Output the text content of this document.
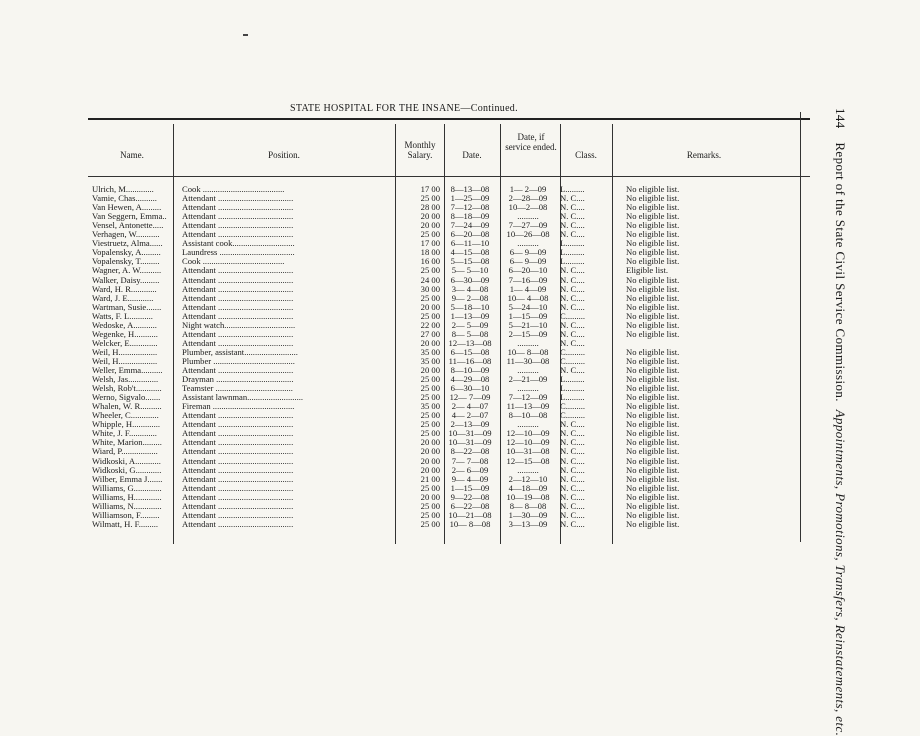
STATE HOSPITAL FOR THE INSANE—Continued.
Name.	Position.
Monthly Salary.	Date.
Date, if service ended.
Class.	Remarks.
Ulrich, M.............	Cook ......................................	17 00	8—13—08	1— 2—09	L.........	No eligible list.
Vamie, Chas..........	Attendant ...................................	25 00	1—25—09	2—28—09	N. C....	No eligible list.
Van Hewen, A.........	Attendant ...................................	28 00	7—12—08	10—2—08	N. C....	No eligible list.
Van Seggern, Emma..	Attendant ...................................	20 00	8—18—09	..........	N. C....	No eligible list.
Vensel, Antonette.....	Attendant ...................................	20 00	7—24—09	7—27—09	N. C....	No eligible list.
Verhagen, W...........	Attendant ...................................	25 00	6—20—08	10—26—08 N. C....	No eligible list.
Viestruetz, Alma......	Assistant cook.............................	17 00	6—11—10	..........	L.........	No eligible list.
Vopalensky, A.........	Laundress ...................................	18 00	4—15—08	6— 9—09	L.........	No eligible list.
Vopalensky, T.........	Cook ......................................	16 00	5—15—08	6— 9—09	L.........	No eligible list.
Wagner, A. W..........	Attendant ...................................	25 00	5— 5—10	6—20—10	N. C....	Eligible list.
Walker, Daisy.........	Attendant ...................................	24 00	6—30—09	7—16—09	N. C....	No eligible list.
Ward, H. R............	Attendant ...................................	30 00	3— 4—08	1— 4—09	N. C....	No eligible list.
Ward, J. E............	Attendant ...................................	25 00	9— 2—08	10— 4—08	N. C....	No eligible list.
Wartman, Susie.......	Attendant ...................................	20 00	5—18—10	5—24—10	N. C....	No eligible list.
Watts, F. L...........	Attendant ...................................	25 00	1—13—09	1—15—09	C.........	No eligible list.
Wedoske, A...........	Night watch.................................	22 00	2— 5—09	5—21—10	N. C....	No eligible list.
Wegenke, H...........	Attendant ...................................	27 00	8— 5—08	2—15—09	N. C....	No eligible list.
Welcker, E.............	Attendant ...................................	20 00 12—13—08	..........	N. C....
Weil, H..................	Plumber, assistant.........................	35 00	6—15—08	10— 8—08	C.........	No eligible list.
Weil, H..................	Plumber ......................................	35 00	11—16—08	11—30—08	C.........	No eligible list.
Weller, Emma..........	Attendant ...................................	20 00	8—10—09	..........	N. C....	No eligible list.
Welsh, Jas..............	Drayman ....................................	25 00	4—29—08	2—21—09	L.........	No eligible list.
Welsh, Rob't............	Teamster ....................................	25 00	6—30—10	..........	L.........	No eligible list.
Werno, Sigvalo.......	Assistant lawnman..........................	25 00	12— 7—09	7—12—09	L.........	No eligible list.
Whalen, W. R..........	Fireman ......................................	35 00	2— 4—07	11—13—09	C.........	No eligible list.
Wheeler, C.............	Attendant ...................................	25 00	4— 2—07	8—10—08	C.........	No eligible list.
Whipple, H.............	Attendant ...................................	25 00	2—13—09	..........	N. C....	No eligible list.
White, J. F.............	Attendant ...................................	25 00 10—31—09 12—10—09 N. C....	No eligible list.
White, Marion.........	Attendant ...................................	20 00 10—31—09 12—10—09 N. C....	No eligible list.
Wiard, P.................	Attendant ...................................	20 00	8—22—08	10—31—08 N. C....	No eligible list.
Widkoski, A............	Attendant ...................................	20 00	7— 7—08	12—15—08 N. C....	No eligible list.
Widkoski, G............	Attendant ...................................	20 00	2— 6—09	..........	N. C....	No eligible list.
Wilber, Emma J.......	Attendant ...................................	21 00	9— 4—09	2—12—10	N. C....	No eligible list.
Williams, G.............	Attendant ...................................	25 00	1—15—09	4—18—09	N. C....	No eligible list.
Williams, H.............	Attendant ...................................	20 00	9—22—08	10—19—08 N. C....	No eligible list.
Williams, N.............	Attendant ...................................	25 00	6—22—08	8— 8—08	N. C....	No eligible list.
Williamson, F.........	Attendant ...................................	25 00 10—21—08	1—30—09	N. C....	No eligible list.
Wilmatt, H. F.........	Attendant ...................................	25 00	10— 8—08	3—13—09	N. C....	No eligible list.
144 Report of the State Civil Service Commission. Appointments, Promotions, Transfers, Reinstatements, etc.
